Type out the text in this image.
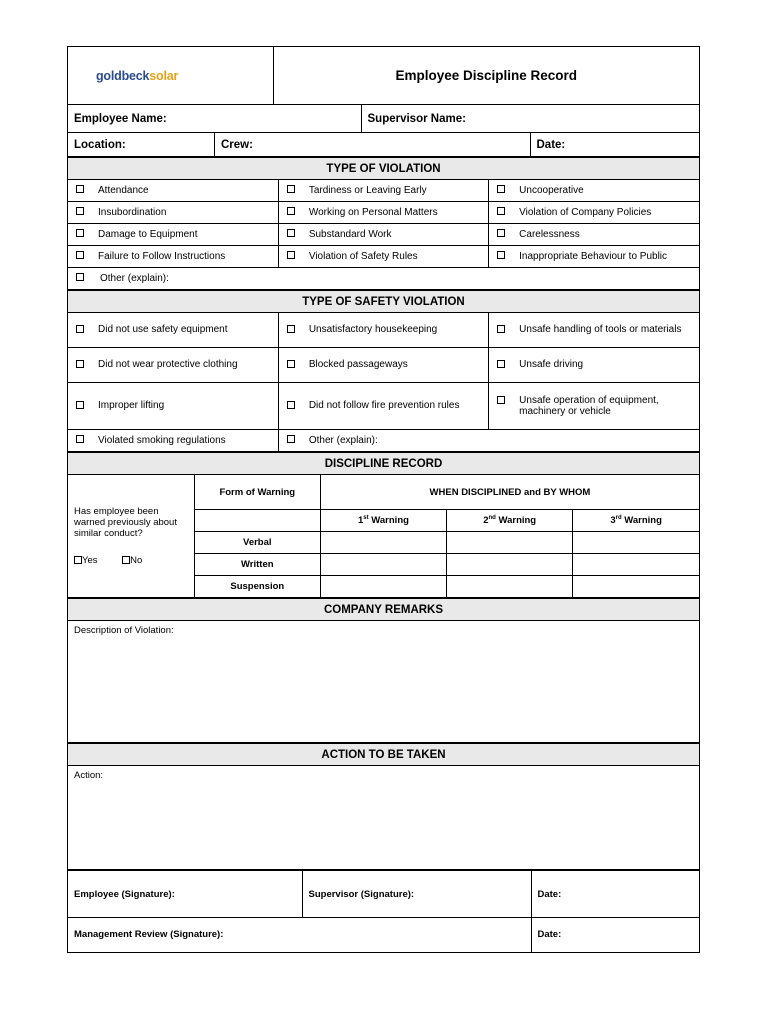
goldbecksolar	Employee Discipline Record
Employee Name:		Supervisor Name:	
Location:	Crew:		Date:
TYPE OF VIOLATION		
Attendance	Tardiness or Leaving Early	Uncooperative
Insubordination	Working on Personal Matters	Violation of Company Policies
Damage to Equipment	Substandard Work	Carelessness
Failure to Follow Instructions	Violation of Safety Rules	Inappropriate Behaviour to Public
Other (explain):		
TYPE OF SAFETY VIOLATION		
Did not use safety equipment	Unsatisfactory housekeeping	Unsafe handling of tools or materials
Did not wear protective clothing	Blocked passageways	Unsafe driving
Improper lifting	Did not follow fire prevention rules	Unsafe operation of equipment, machinery or vehicle

Violated smoking regulations	Other (explain):	
DISCIPLINE RECORD				

Has employee been warned previously about similar conduct?
Yes No	Form of Warning	WHEN DISCIPLINED and BY WHOM		
		1st Warning	2nd Warning	3rd Warning
	Verbal			
	Written			
	Suspension			
COMPANY REMARKS
Description of Violation:
ACTION TO BE TAKEN
Action:
Employee (Signature):	Supervisor (Signature):	Date:
Management Review (Signature):		Date:
